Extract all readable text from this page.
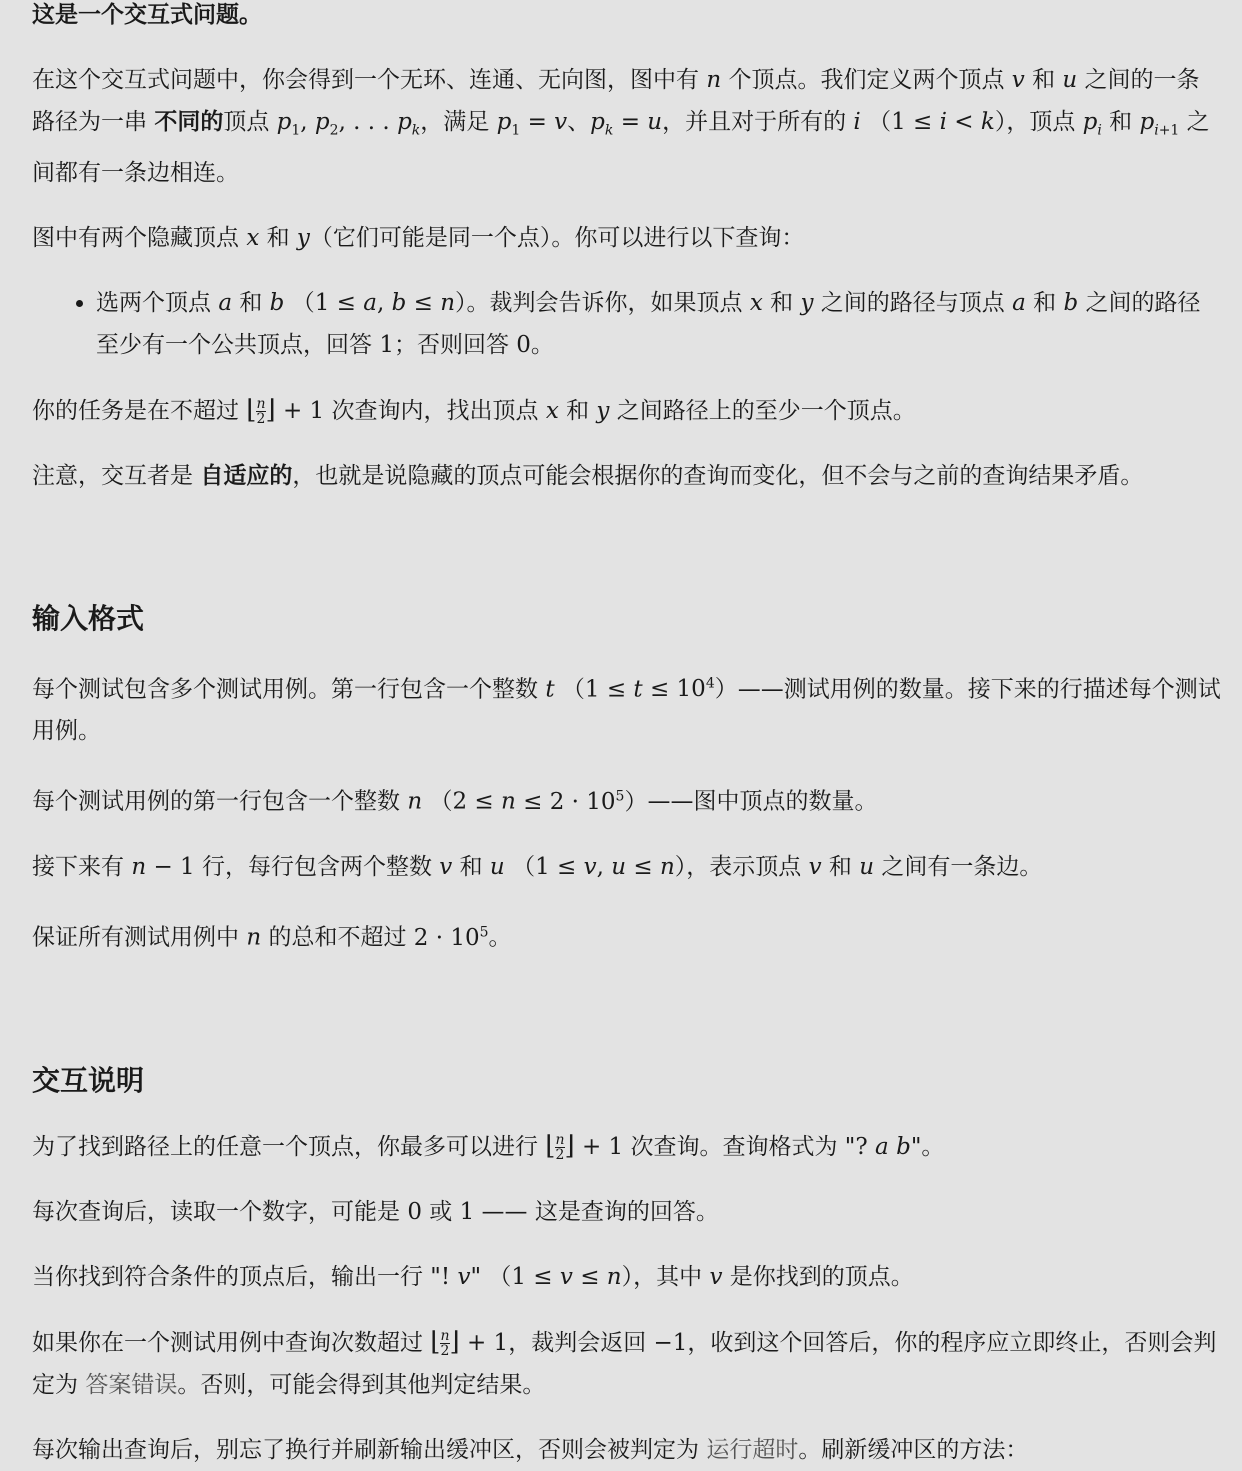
这是一个交互式问题。

在这个交互式问题中，你会得到一个无环、连通、无向图，图中有 n 个顶点。我们定义两个顶点 v 和 u 之间的一条路径为一串 不同的顶点 $p_1$, $p_2$, . . . $p_k$，满足 $p_1 = v$、$p_k = u$，并且对于所有的 i （1 ≤ i < k），顶点 $p_i$ 和 $p_{i+1}$ 之间都有一条边相连。

图中有两个隐藏顶点 x 和 y（它们可能是同一个点）。你可以进行以下查询：

• 选两个顶点 a 和 b （1 ≤ a, b ≤ n）。裁判会告诉你，如果顶点 x 和 y 之间的路径与顶点 a 和 b 之间的路径至少有一个公共顶点，回答 1；否则回答 0。

你的任务是在不超过 ⌊ $\frac{n}{2}$ ⌋ + 1 次查询内，找出顶点 x 和 y 之间路径上的至少一个顶点。

注意，交互者是 自适应的，也就是说隐藏的顶点可能会根据你的查询而变化，但不会与之前的查询结果矛盾。

输入格式

每个测试包含多个测试用例。第一行包含一个整数 t $(1 \le t \le 10^4)——$测试用例的数量。接下来的行描述每个测试用例。

每个测试用例的第一行包含一个整数 n $(2 \le n \le 2 \cdot 10^5)——$图中顶点的数量。

接下来有 n − 1 行，每行包含两个整数 v 和 u （1 ≤ v, u ≤ n），表示顶点 v 和 u 之间有一条边。

保证所有测试用例中 n 的总和不超过 $2 \cdot 10^5$。

交互说明

为了找到路径上的任意一个顶点，你最多可以进行 ⌊ $\frac{n}{2}$ ⌋ + 1 次查询。查询格式为 "? a b"。

每次查询后，读取一个数字，可能是 0 或 1 —— 这是查询的回答。

当你找到符合条件的顶点后，输出一行 "! v" （1 ≤ v ≤ n），其中 v 是你找到的顶点。

如果你在一个测试用例中查询次数超过 ⌊ $\frac{n}{2}$ ⌋ + 1，裁判会返回 −1，收到这个回答后，你的程序应立即终止，否则会判定为 答案错误。否则，可能会得到其他判定结果。

每次输出查询后，别忘了换行并刷新输出缓冲区，否则会被判定为 运行超时。刷新缓冲区的方法：
